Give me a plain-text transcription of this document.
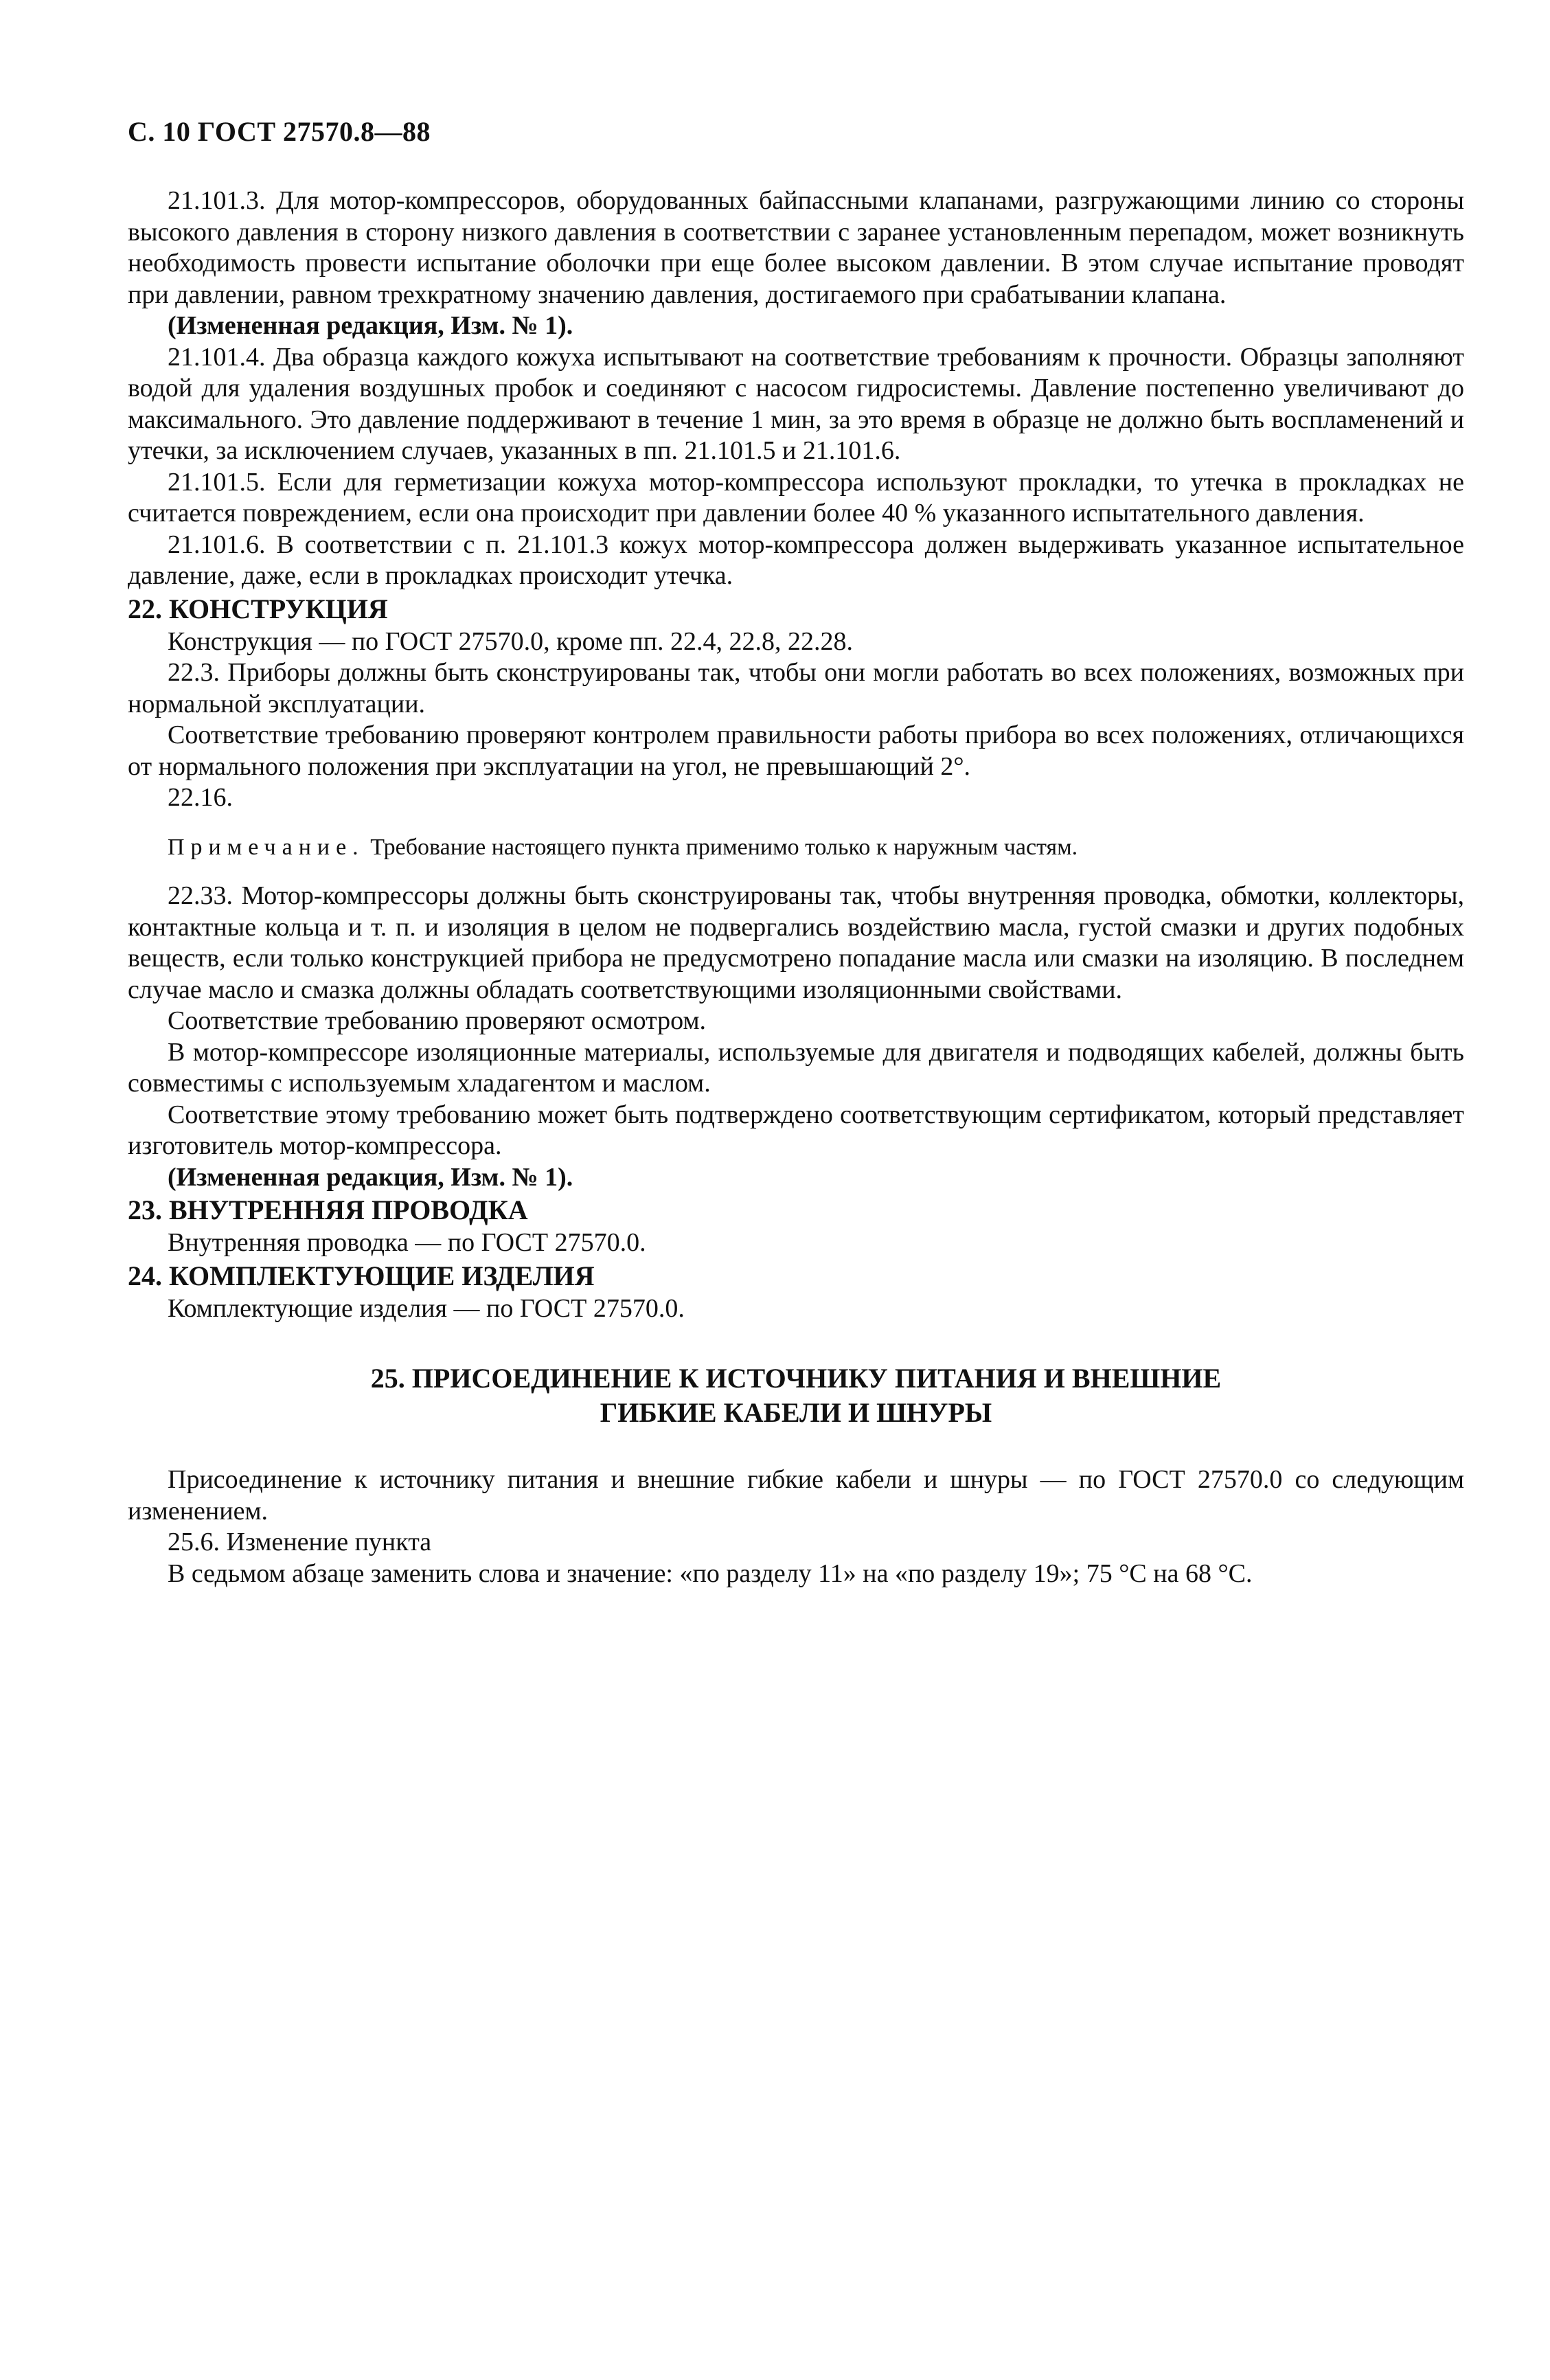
С. 10 ГОСТ 27570.8—88

21.101.3. Для мотор-компрессоров, оборудованных байпассными клапанами, разгружающими линию со стороны высокого давления в сторону низкого давления в соответствии с заранее установленным перепадом, может возникнуть необходимость провести испытание оболочки при еще более высоком давлении. В этом случае испытание проводят при давлении, равном трехкратному значению давления, достигаемого при срабатывании клапана.

(Измененная редакция, Изм. № 1).

21.101.4. Два образца каждого кожуха испытывают на соответствие требованиям к прочности. Образцы заполняют водой для удаления воздушных пробок и соединяют с насосом гидросистемы. Давление постепенно увеличивают до максимального. Это давление поддерживают в течение 1 мин, за это время в образце не должно быть воспламенений и утечки, за исключением случаев, указанных в пп. 21.101.5 и 21.101.6.

21.101.5. Если для герметизации кожуха мотор-компрессора используют прокладки, то утечка в прокладках не считается повреждением, если она происходит при давлении более 40 % указанного испытательного давления.

21.101.6. В соответствии с п. 21.101.3 кожух мотор-компрессора должен выдерживать указанное испытательное давление, даже, если в прокладках происходит утечка.

22. КОНСТРУКЦИЯ

Конструкция — по ГОСТ 27570.0, кроме пп. 22.4, 22.8, 22.28.

22.3. Приборы должны быть сконструированы так, чтобы они могли работать во всех положениях, возможных при нормальной эксплуатации.

Соответствие требованию проверяют контролем правильности работы прибора во всех положениях, отличающихся от нормального положения при эксплуатации на угол, не превышающий 2°.

22.16.

Примечание. Требование настоящего пункта применимо только к наружным частям.

22.33. Мотор-компрессоры должны быть сконструированы так, чтобы внутренняя проводка, обмотки, коллекторы, контактные кольца и т. п. и изоляция в целом не подвергались воздействию масла, густой смазки и других подобных веществ, если только конструкцией прибора не предусмотрено попадание масла или смазки на изоляцию. В последнем случае масло и смазка должны обладать соответствующими изоляционными свойствами.

Соответствие требованию проверяют осмотром.

В мотор-компрессоре изоляционные материалы, используемые для двигателя и подводящих кабелей, должны быть совместимы с используемым хладагентом и маслом.

Соответствие этому требованию может быть подтверждено соответствующим сертификатом, который представляет изготовитель мотор-компрессора.

(Измененная редакция, Изм. № 1).

23. ВНУТРЕННЯЯ ПРОВОДКА

Внутренняя проводка — по ГОСТ 27570.0.

24. КОМПЛЕКТУЮЩИЕ ИЗДЕЛИЯ

Комплектующие изделия — по ГОСТ 27570.0.

25. ПРИСОЕДИНЕНИЕ К ИСТОЧНИКУ ПИТАНИЯ И ВНЕШНИЕ
ГИБКИЕ КАБЕЛИ И ШНУРЫ

Присоединение к источнику питания и внешние гибкие кабели и шнуры — по ГОСТ 27570.0 со следующим изменением.

25.6. Изменение пункта

В седьмом абзаце заменить слова и значение: «по разделу 11» на «по разделу 19»; 75 °С на 68 °С.
